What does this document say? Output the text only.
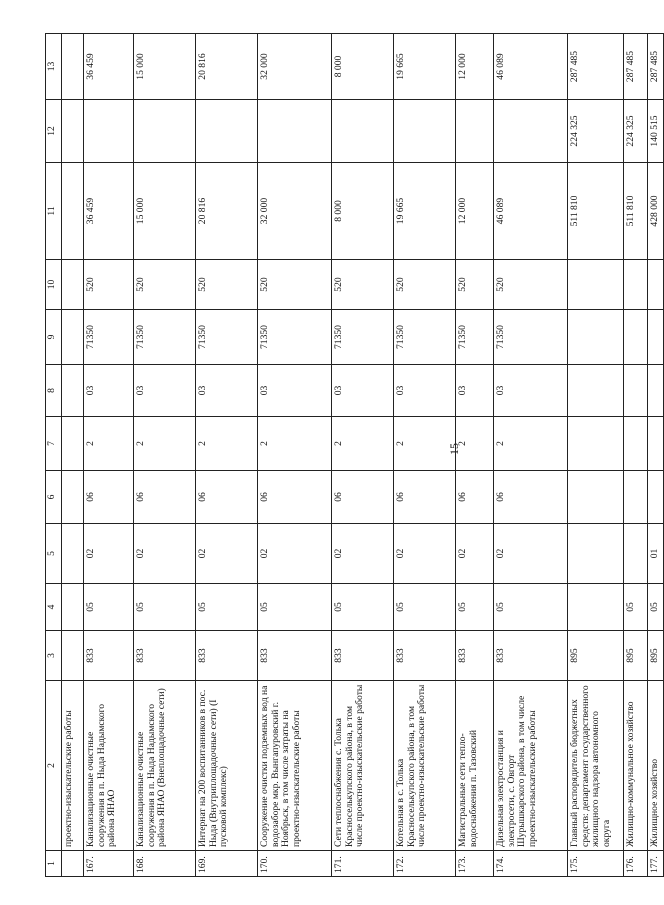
15
1	2	3	4	5	6	7	8	9	10	11	12	13
	проектно-изыскательские работы											
167.	Канализационные очистные сооружения в п. Ныда Надымского района ЯНАО	833	05	02	06	2	03	71350	520	36 459		36 459
168.	Канализационные очистные сооружения в п. Ныда Надымского района ЯНАО (Внеплощадочные сети)	833	05	02	06	2	03	71350	520	15 000		15 000
169.	Интернат на 200 воспитанников в пос. Ныда (Внутриплощадочные сети) (I пусковой комплекс)	833	05	02	06	2	03	71350	520	20 816		20 816
170.	Сооружение очистки подземных вод на водозаборе мкр. Вынгапуровский г. Ноябрьск, в том числе затраты на проектно-изыскательские работы	833	05	02	06	2	03	71350	520	32 000		32 000
171.	Сети теплоснабжения с. Толька Красноселькупского района, в том числе проектно-изыскательские работы	833	05	02	06	2	03	71350	520	8 000		8 000
172.	Котельная в с. Толька Красноселькупского района, в том числе проектно-изыскательские работы	833	05	02	06	2	03	71350	520	19 665		19 665
173.	Магистральные сети тепло-водоснабжения п. Тазовский	833	05	02	06	2	03	71350	520	12 000		12 000
174.	Дизельная электростанция и электросети, с. Овгорт Шурышкарского района, в том числе проектно-изыскательские работы	833	05	02	06	2	03	71350	520	46 089		46 089
175.	Главный распорядитель бюджетных средств: департамент государственного жилищного надзора автономного округа	895								511 810	224 325	287 485
176.	Жилищно-коммунальное хозяйство	895	05							511 810	224 325	287 485
177.	Жилищное хозяйство	895	05	01						428 000	140 515	287 485
